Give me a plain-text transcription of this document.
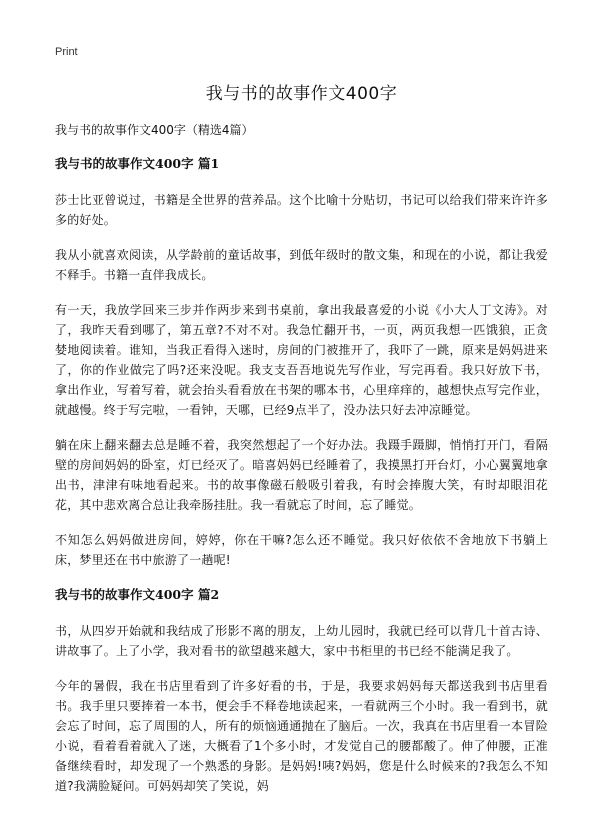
Print
我与书的故事作文400字
我与书的故事作文400字（精选4篇）
我与书的故事作文400字 篇1

莎士比亚曾说过，书籍是全世界的营养品。这个比喻十分贴切，书记可以给我们带来许许多多的好处。

我从小就喜欢阅读，从学龄前的童话故事，到低年级时的散文集，和现在的小说，都让我爱不释手。书籍一直伴我成长。

有一天，我放学回来三步并作两步来到书桌前，拿出我最喜爱的小说《小大人丁文涛》。对了，我昨天看到哪了，第五章?不对不对。我急忙翻开书，一页，两页我想一匹饿狼，正贪婪地阅读着。谁知，当我正看得入迷时，房间的门被推开了，我吓了一跳，原来是妈妈进来了，你的作业做完了吗?还来没呢。我支支吾吾地说先写作业，写完再看。我只好放下书，拿出作业，写着写着，就会抬头看看放在书架的哪本书，心里痒痒的，越想快点写完作业，就越慢。终于写完啦，一看钟，天哪，已经9点半了，没办法只好去冲凉睡觉。

躺在床上翻来翻去总是睡不着，我突然想起了一个好办法。我蹑手蹑脚，悄悄打开门，看隔壁的房间妈妈的卧室，灯已经灭了。暗喜妈妈已经睡着了，我摸黑打开台灯，小心翼翼地拿出书，津津有味地看起来。书的故事像磁石般吸引着我，有时会捧腹大笑，有时却眼泪花花，其中悲欢离合总让我牵肠挂肚。我一看就忘了时间，忘了睡觉。

不知怎么妈妈做进房间，婷婷，你在干嘛?怎么还不睡觉。我只好依依不舍地放下书躺上床，梦里还在书中旅游了一趟呢!

我与书的故事作文400字 篇2

书，从四岁开始就和我结成了形影不离的朋友，上幼儿园时，我就已经可以背几十首古诗、讲故事了。上了小学，我对看书的欲望越来越大，家中书柜里的书已经不能满足我了。

今年的暑假，我在书店里看到了许多好看的书，于是，我要求妈妈每天都送我到书店里看书。我手里只要捧着一本书，便会手不释卷地读起来，一看就两三个小时。我一看到书，就会忘了时间，忘了周围的人，所有的烦恼通通抛在了脑后。一次，我真在书店里看一本冒险小说，看着看着就入了迷，大概看了1个多小时，才发觉自己的腰都酸了。伸了伸腰，正准备继续看时，却发现了一个熟悉的身影。是妈妈!咦?妈妈，您是什么时候来的?我怎么不知道?我满脸疑问。可妈妈却笑了笑说，妈
